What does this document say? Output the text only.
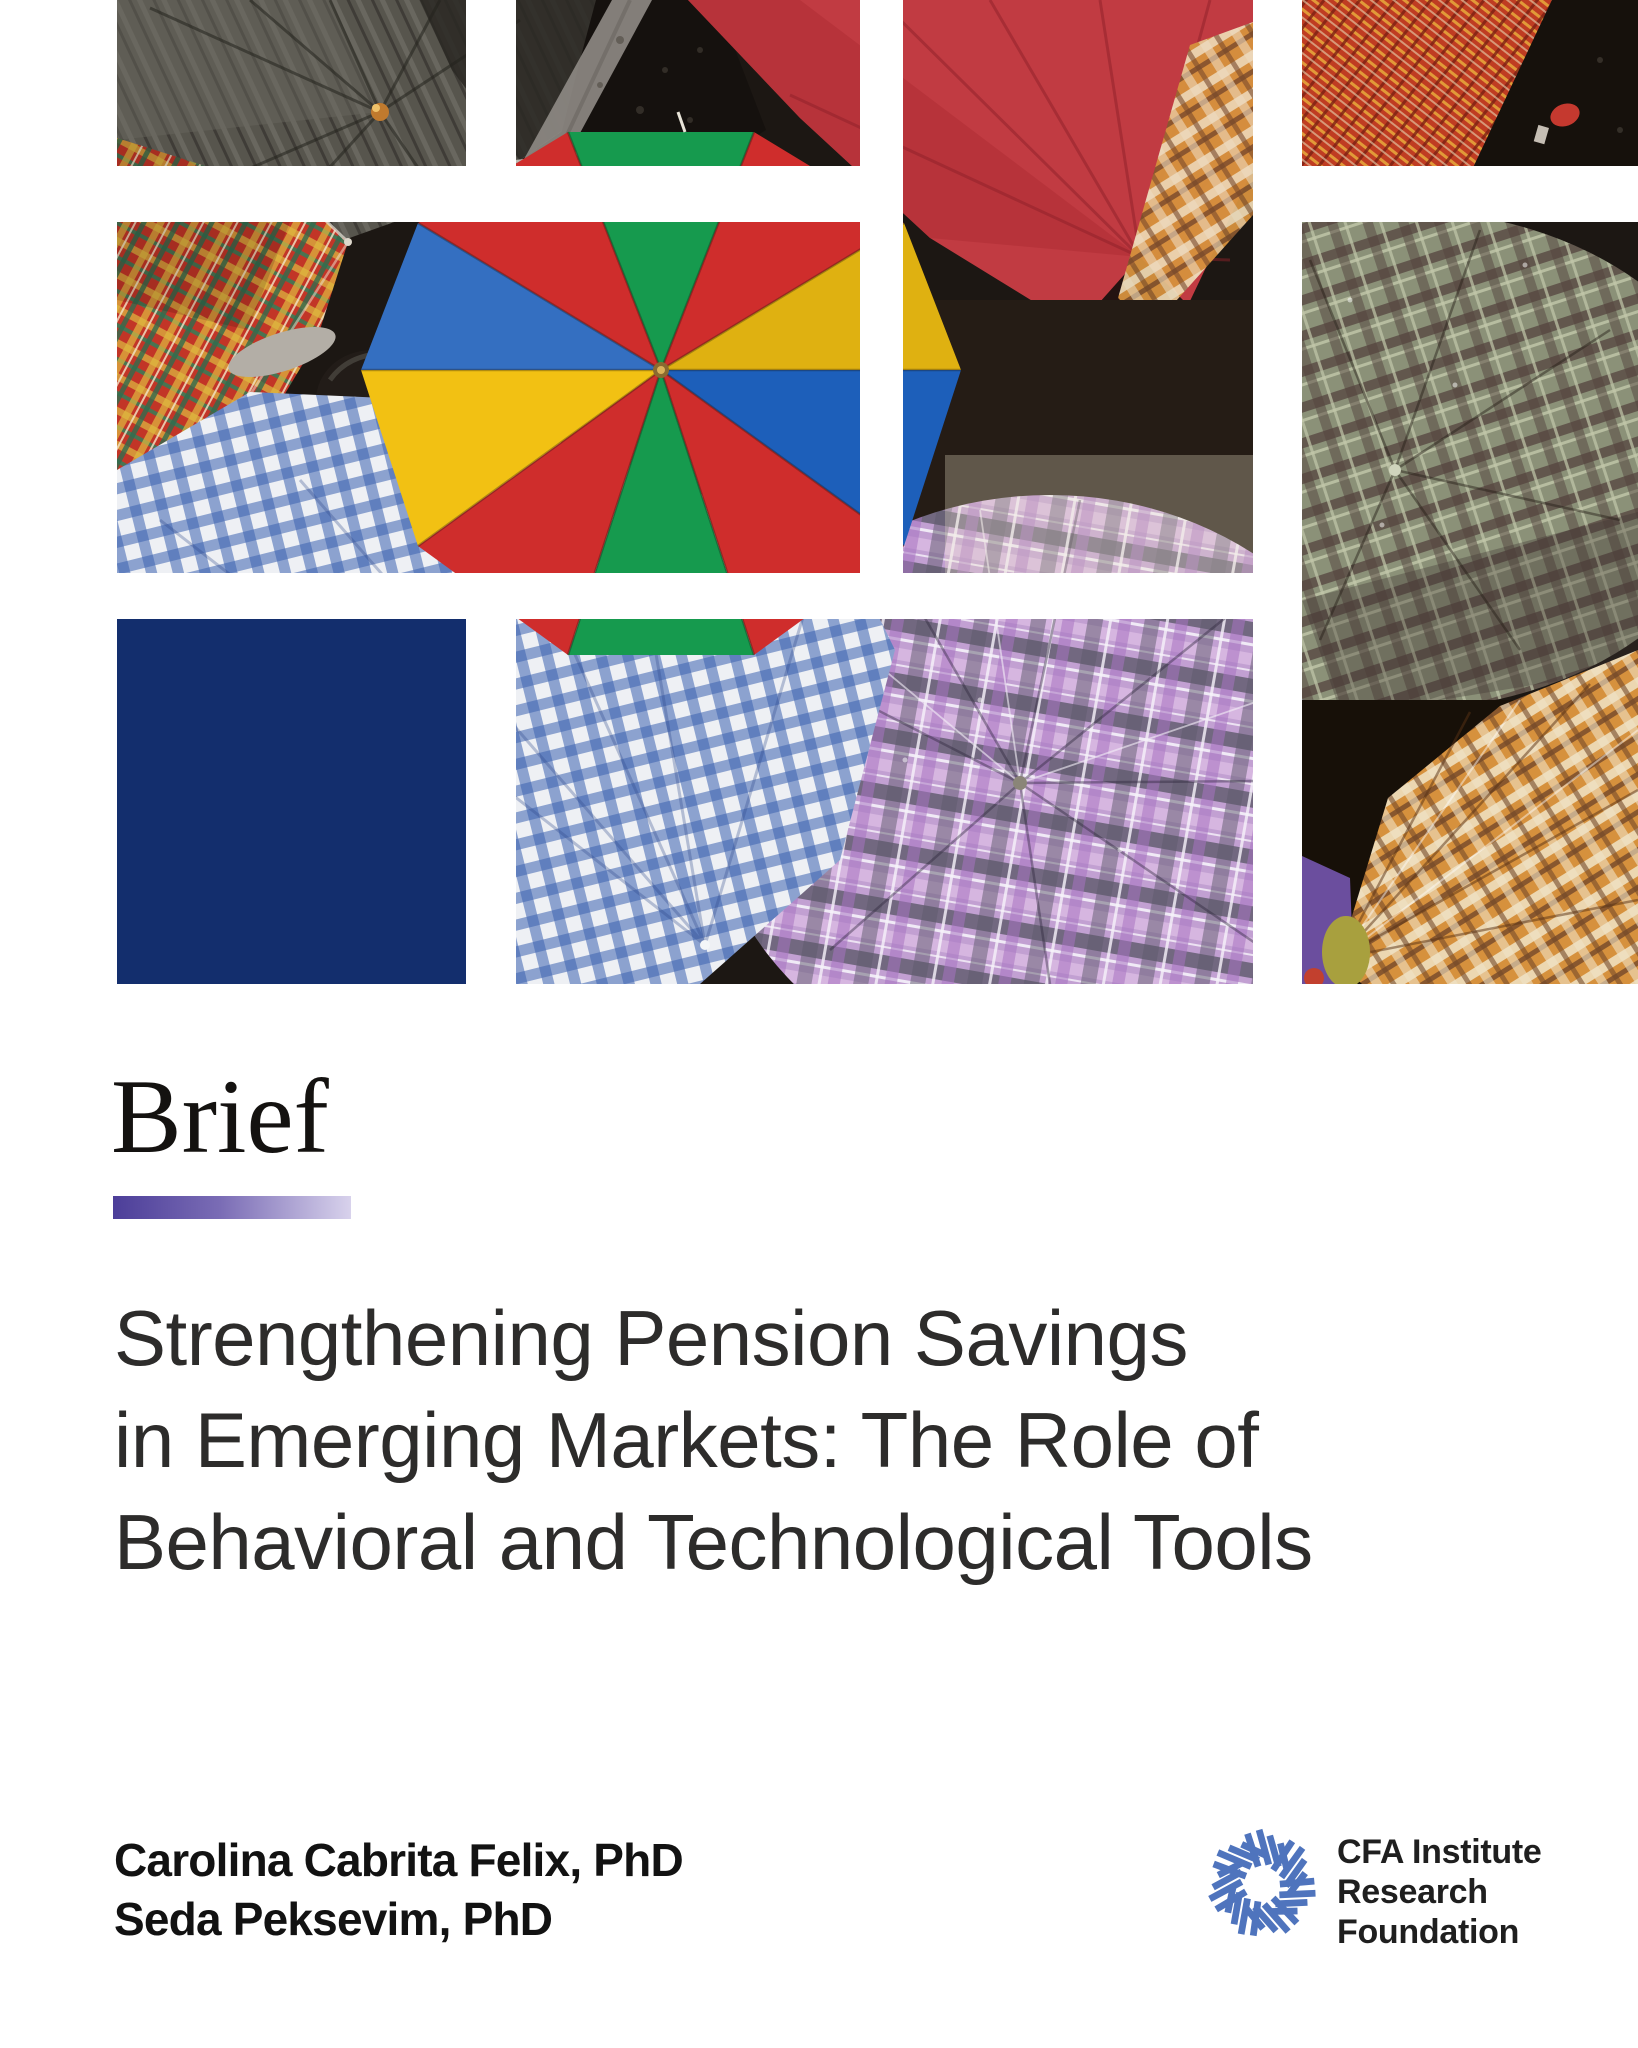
Brief
Strengthening Pension Savings
in Emerging Markets: The Role of
Behavioral and Technological Tools
Carolina Cabrita Felix, PhD
Seda Peksevim, PhD
CFA Institute
Research
Foundation
